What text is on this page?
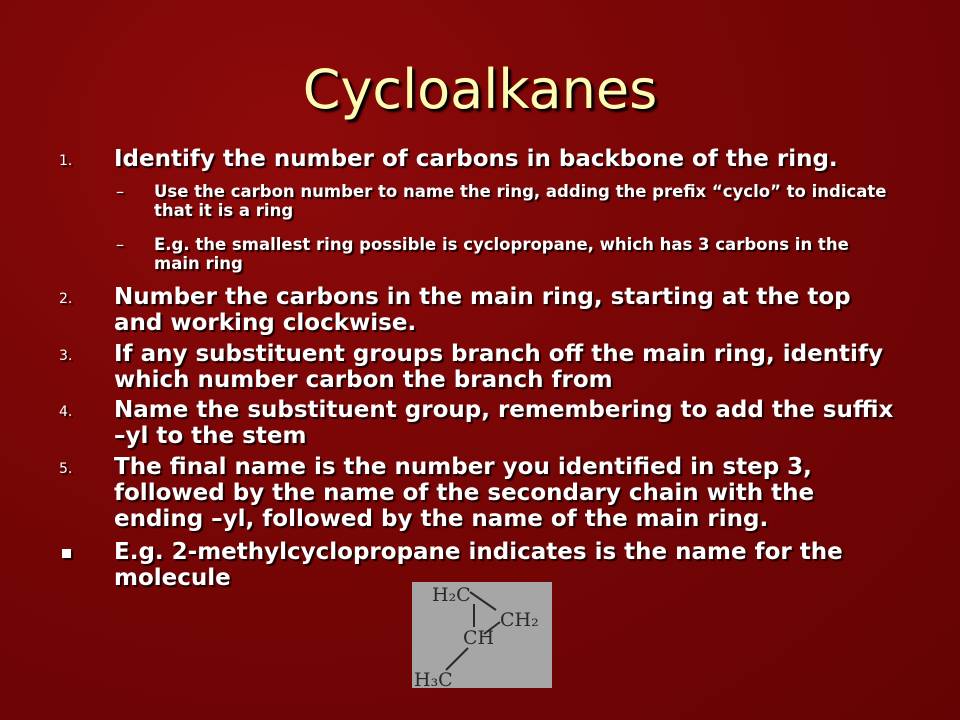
Cycloalkanes
1. Identify the number of carbons in backbone of the ring.
– Use the carbon number to name the ring, adding the prefix “cyclo” to indicate that it is a ring
– E.g. the smallest ring possible is cyclopropane, which has 3 carbons in the main ring
2. Number the carbons in the main ring, starting at the top and working clockwise.
3. If any substituent groups branch off the main ring, identify which number carbon the branch from
4. Name the substituent group, remembering to add the suffix –yl to the stem
5. The final name is the number you identified in step 3, followed by the name of the secondary chain with the ending –yl, followed by the name of the main ring.
E.g. 2-methylcyclopropane indicates is the name for the molecule
H₂C
CH₂
CH
H₃C
